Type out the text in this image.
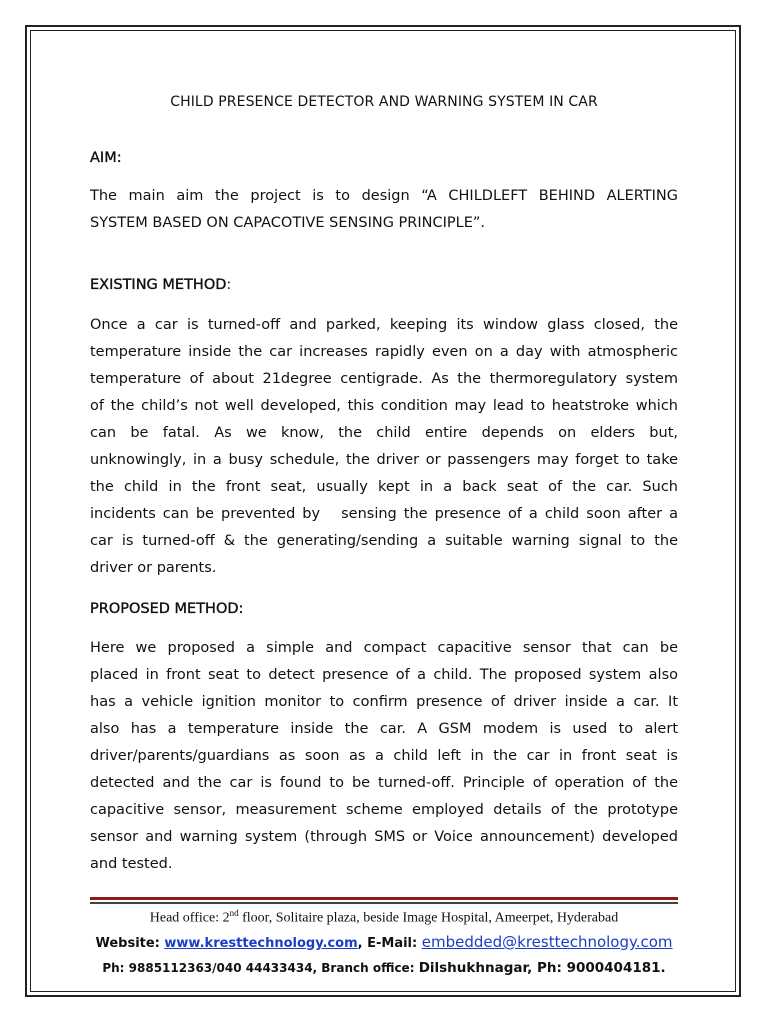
CHILD PRESENCE DETECTOR AND WARNING SYSTEM IN CAR
AIM:

The main aim the project is to design “A CHILDLEFT BEHIND ALERTING
SYSTEM BASED ON CAPACOTIVE SENSING PRINCIPLE”.

EXISTING METHOD:

Once a car is turned-off and parked, keeping its window glass closed, the
temperature inside the car increases rapidly even on a day with atmospheric
temperature of about 21degree centigrade. As the thermoregulatory system
of the child’s not well developed, this condition may lead to heatstroke which
can be fatal. As we know, the child entire depends on elders but,
unknowingly, in a busy schedule, the driver or passengers may forget to take
the child in the front seat, usually kept in a back seat of the car. Such
incidents can be prevented by   sensing the presence of a child soon after a
car is turned-off & the generating/sending a suitable warning signal to the
driver or parents.

PROPOSED METHOD:

Here we proposed a simple and compact capacitive sensor that can be
placed in front seat to detect presence of a child. The proposed system also
has a vehicle ignition monitor to confirm presence of driver inside a car. It
also has a temperature inside the car. A GSM modem is used to alert
driver/parents/guardians as soon as a child left in the car in front seat is
detected and the car is found to be turned-off. Principle of operation of the
capacitive sensor, measurement scheme employed details of the prototype
sensor and warning system (through SMS or Voice announcement) developed
and tested.

Head office: 2nd floor, Solitaire plaza, beside Image Hospital, Ameerpet, Hyderabad
Website: www.kresttechnology.com, E-Mail: embedded@kresttechnology.com
Ph: 9885112363/040 44433434, Branch office: Dilshukhnagar, Ph: 9000404181.
